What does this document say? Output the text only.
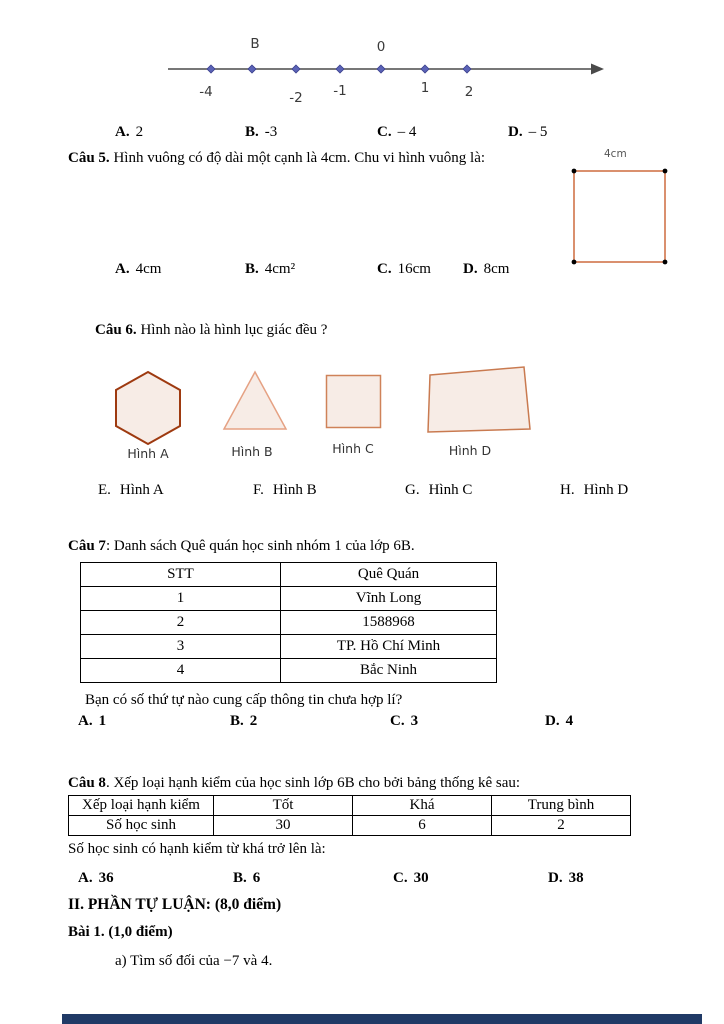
B	0
-4	-2 -1	1	2
A. 2	B. -3	C. – 4	D. – 5
Câu 5. Hình vuông có độ dài một cạnh là 4cm. Chu vi hình vuông là:	4cm
A. 4cm	B. 4cm²	C. 16cm D. 8cm
Câu 6. Hình nào là hình lục giác đều ?
Hình A	Hình B	Hình C	Hình D
E. Hình A	F. Hình B	G. Hình C	H. Hình D
Câu 7: Danh sách Quê quán học sinh nhóm 1 của lớp 6B.
STT	Quê Quán
1	Vĩnh Long
2	1588968
3	TP. Hồ Chí Minh
4	Bắc Ninh
Bạn có số thứ tự nào cung cấp thông tin chưa hợp lí?
A. 1	B. 2	C. 3	D. 4
Câu 8. Xếp loại hạnh kiểm của học sinh lớp 6B cho bởi bảng thống kê sau:
Xếp loại hạnh kiểm	Tốt	Khá	Trung bình
Số học sinh	30	6	2
Số học sinh có hạnh kiểm từ khá trở lên là:
A. 36	B. 6	C. 30	D. 38
II. PHẦN TỰ LUẬN: (8,0 điểm)
Bài 1. (1,0 điểm)
a) Tìm số đối của −7 và 4.
